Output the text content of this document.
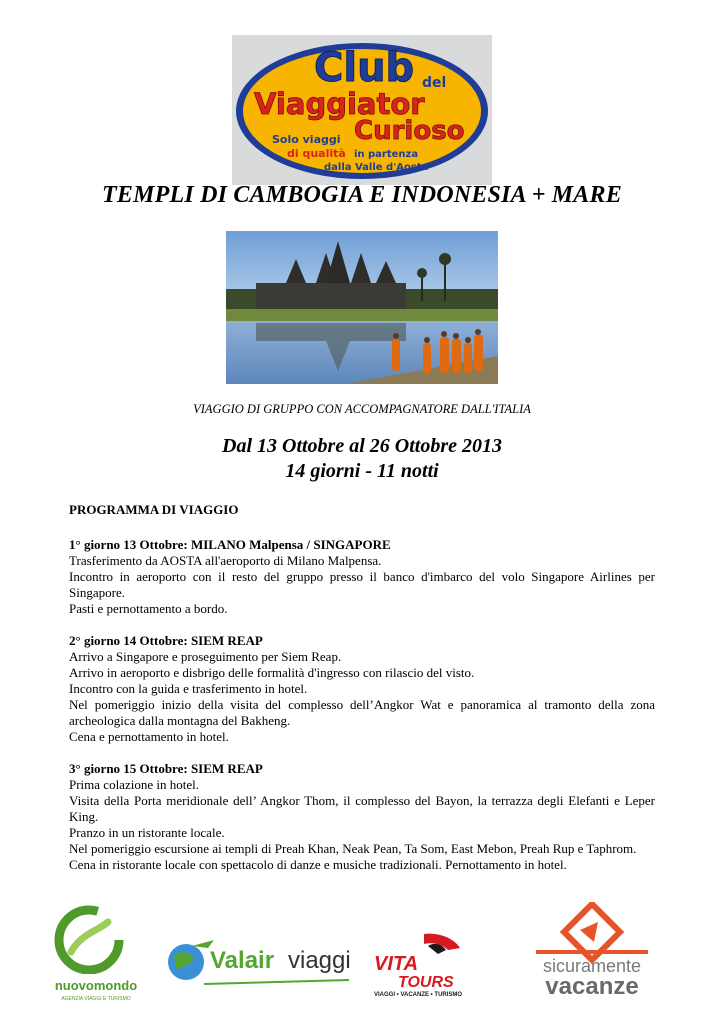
Club del
Viaggiator
Curioso
Solo viaggi
di qualità in partenza
dalla Valle d'Aosta
TEMPLI DI CAMBOGIA E INDONESIA + MARE
VIAGGIO DI GRUPPO CON ACCOMPAGNATORE DALL'ITALIA
Dal 13 Ottobre al 26 Ottobre 2013
14 giorni - 11 notti
PROGRAMMA DI VIAGGIO
1° giorno 13 Ottobre: MILANO Malpensa / SINGAPORE
Trasferimento da AOSTA all'aeroporto di Milano Malpensa.
Incontro in aeroporto con il resto del gruppo presso il banco d'imbarco del volo Singapore Airlines per Singapore.
Pasti e pernottamento a bordo.
2° giorno 14 Ottobre: SIEM REAP
Arrivo a Singapore e proseguimento per Siem Reap.
Arrivo in aeroporto e disbrigo delle formalità d'ingresso con rilascio del visto.
Incontro con la guida e trasferimento in hotel.
Nel pomeriggio inizio della visita del complesso dell’Angkor Wat e panoramica al tramonto della zona archeologica dalla montagna del Bakheng.
Cena e pernottamento in hotel.
3° giorno 15 Ottobre: SIEM REAP
Prima colazione in hotel.
Visita della Porta meridionale dell’ Angkor Thom, il complesso del Bayon, la terrazza degli Elefanti e Leper King.
Pranzo in un ristorante locale.
Nel pomeriggio escursione ai templi di Preah Khan, Neak Pean, Ta Som, East Mebon, Preah Rup e Taphrom.
Cena in ristorante locale con spettacolo di danze e musiche tradizionali. Pernottamento in hotel.
nuovomondo
AGENZIA VIAGGI E TURISMO
Valair viaggi VITA
TOURS
VIAGGI • VACANZE • TURISMO
sicuramente
vacanze
